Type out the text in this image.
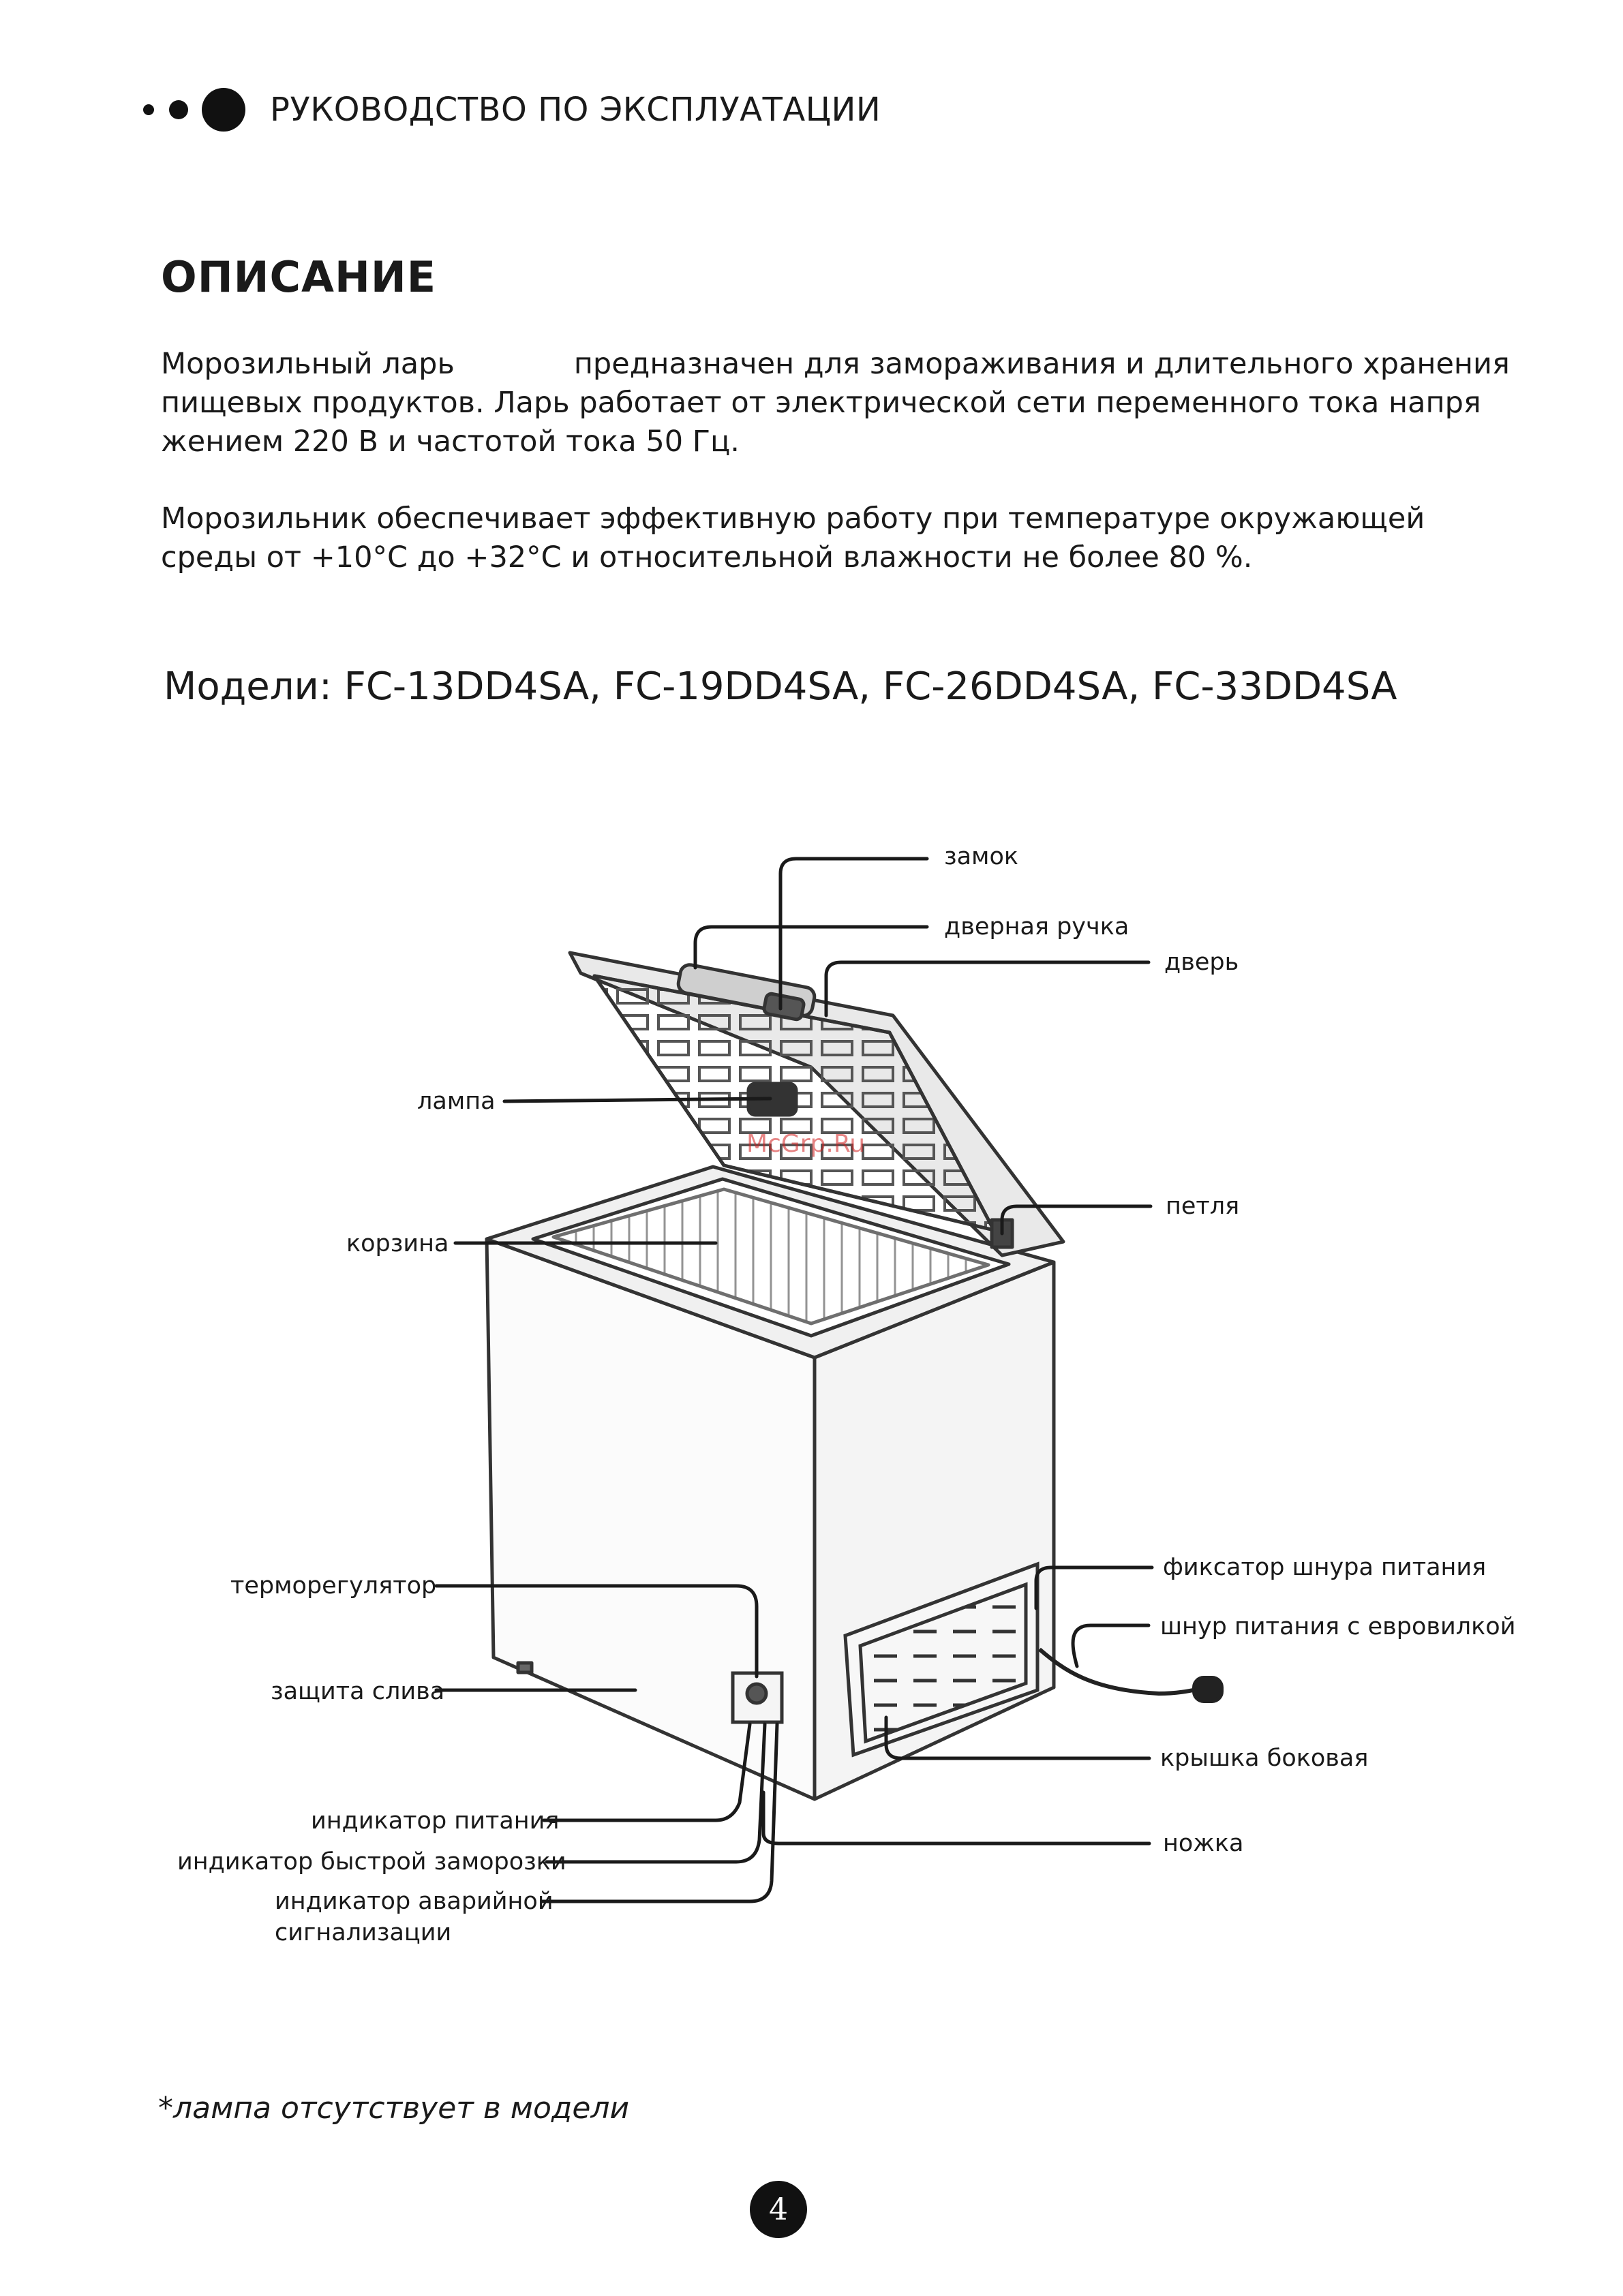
РУКОВОДСТВО ПО ЭКСПЛУАТАЦИИ
ОПИСАНИЕ
Морозильный ларь	предназначен для замораживания и длительного хранения
пищевых продуктов. Ларь работает от электрической сети переменного тока напря
жением 220 В и частотой тока 50 Гц.
Морозильник обеспечивает эффективную работу при температуре окружающей
среды от +10°С до +32°С и относительной влажности не более 80 %.
Модели: FC-13DD4SA, FC-19DD4SA, FC-26DD4SA, FC-33DD4SA
McGrp.Ru
замок
дверная ручка
дверь
лампа
петля
корзина
фиксатор шнура питания
шнур питания с евровилкой
терморегулятор
защита слива
крышка боковая
индикатор питания
ножка
индикатор быстрой заморозки
индикатор аварийной
сигнализации
*лампа отсутствует в модели
4
